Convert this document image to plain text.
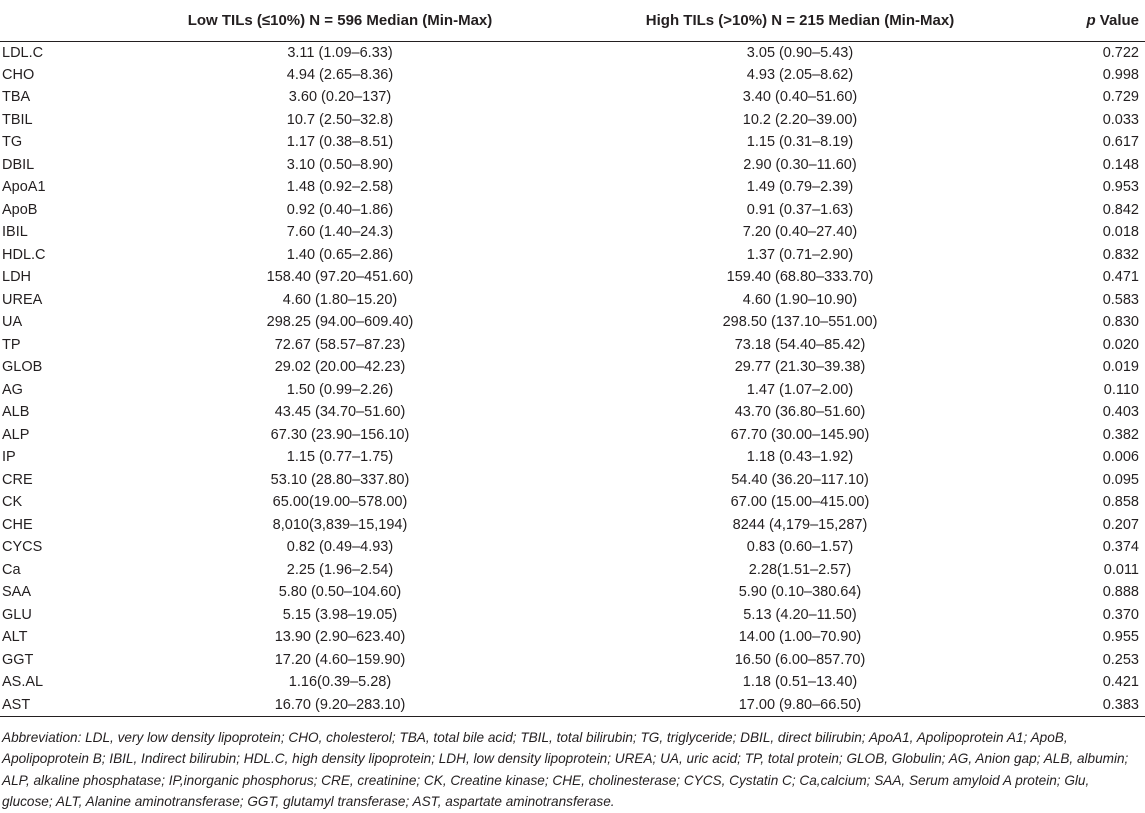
	Low TILs (≤10%) N = 596 Median (Min-Max)	High TILs (>10%) N = 215 Median (Min-Max)	p Value
LDL.C	3.11 (1.09–6.33)	3.05 (0.90–5.43)	0.722
CHO	4.94 (2.65–8.36)	4.93 (2.05–8.62)	0.998
TBA	3.60 (0.20–137)	3.40 (0.40–51.60)	0.729
TBIL	10.7 (2.50–32.8)	10.2 (2.20–39.00)	0.033
TG	1.17 (0.38–8.51)	1.15 (0.31–8.19)	0.617
DBIL	3.10 (0.50–8.90)	2.90 (0.30–11.60)	0.148
ApoA1	1.48 (0.92–2.58)	1.49 (0.79–2.39)	0.953
ApoB	0.92 (0.40–1.86)	0.91 (0.37–1.63)	0.842
IBIL	7.60 (1.40–24.3)	7.20 (0.40–27.40)	0.018
HDL.C	1.40 (0.65–2.86)	1.37 (0.71–2.90)	0.832
LDH	158.40 (97.20–451.60)	159.40 (68.80–333.70)	0.471
UREA	4.60 (1.80–15.20)	4.60 (1.90–10.90)	0.583
UA	298.25 (94.00–609.40)	298.50 (137.10–551.00)	0.830
TP	72.67 (58.57–87.23)	73.18 (54.40–85.42)	0.020
GLOB	29.02 (20.00–42.23)	29.77 (21.30–39.38)	0.019
AG	1.50 (0.99–2.26)	1.47 (1.07–2.00)	0.110
ALB	43.45 (34.70–51.60)	43.70 (36.80–51.60)	0.403
ALP	67.30 (23.90–156.10)	67.70 (30.00–145.90)	0.382
IP	1.15 (0.77–1.75)	1.18 (0.43–1.92)	0.006
CRE	53.10 (28.80–337.80)	54.40 (36.20–117.10)	0.095
CK	65.00(19.00–578.00)	67.00 (15.00–415.00)	0.858
CHE	8,010(3,839–15,194)	8244 (4,179–15,287)	0.207
CYCS	0.82 (0.49–4.93)	0.83 (0.60–1.57)	0.374
Ca	2.25 (1.96–2.54)	2.28(1.51–2.57)	0.011
SAA	5.80 (0.50–104.60)	5.90 (0.10–380.64)	0.888
GLU	5.15 (3.98–19.05)	5.13 (4.20–11.50)	0.370
ALT	13.90 (2.90–623.40)	14.00 (1.00–70.90)	0.955
GGT	17.20 (4.60–159.90)	16.50 (6.00–857.70)	0.253
AS.AL	1.16(0.39–5.28)	1.18 (0.51–13.40)	0.421
AST	16.70 (9.20–283.10)	17.00 (9.80–66.50)	0.383
Abbreviation: LDL, very low density lipoprotein; CHO, cholesterol; TBA, total bile acid; TBIL, total bilirubin; TG, triglyceride; DBIL, direct bilirubin; ApoA1, Apolipoprotein A1; ApoB, Apolipoprotein B; IBIL, Indirect bilirubin; HDL.C, high density lipoprotein; LDH, low density lipoprotein; UREA; UA, uric acid; TP, total protein; GLOB, Globulin; AG, Anion gap; ALB, albumin; ALP, alkaline phosphatase; IP,inorganic phosphorus; CRE, creatinine; CK, Creatine kinase; CHE, cholinesterase; CYCS, Cystatin C; Ca,calcium; SAA, Serum amyloid A protein; Glu, glucose; ALT, Alanine aminotransferase; GGT, glutamyl transferase; AST, aspartate aminotransferase.
